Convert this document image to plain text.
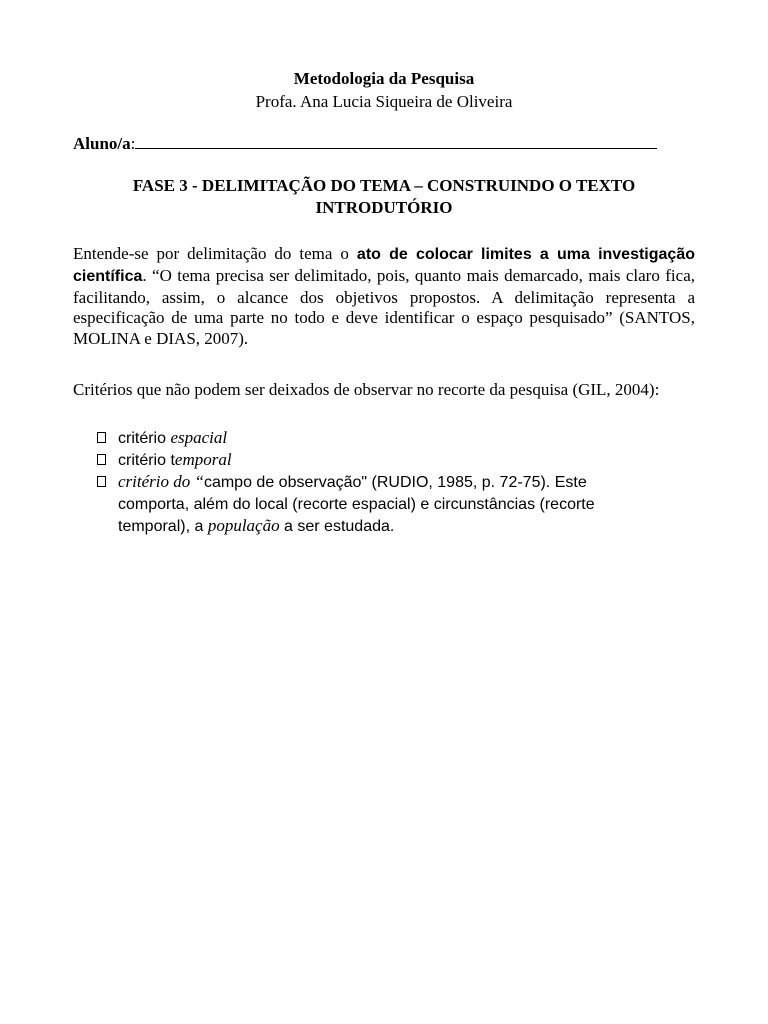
Metodologia da Pesquisa
Profa. Ana Lucia Siqueira de Oliveira
Aluno/a:
FASE 3 - DELIMITAÇÃO DO TEMA – CONSTRUINDO O TEXTO INTRODUTÓRIO
Entende-se por delimitação do tema o ato de colocar limites a uma investigação científica. “O tema precisa ser delimitado, pois, quanto mais demarcado, mais claro fica, facilitando, assim, o alcance dos objetivos propostos. A delimitação representa a especificação de uma parte no todo e deve identificar o espaço pesquisado” (SANTOS, MOLINA e DIAS, 2007).
Critérios que não podem ser deixados de observar no recorte da pesquisa (GIL, 2004):
critério espacial
critério temporal
critério do “campo de observação" (RUDIO, 1985, p. 72-75). Este comporta, além do local (recorte espacial) e circunstâncias (recorte temporal), a população a ser estudada.
